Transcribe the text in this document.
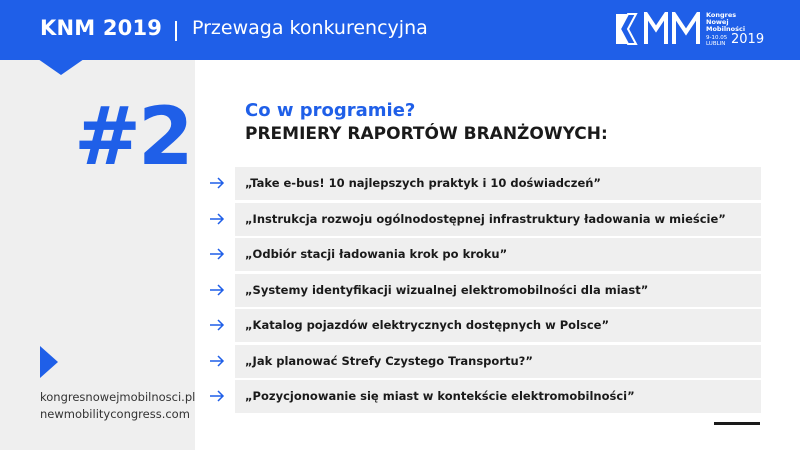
KNM 2019 Przewaga konkurencyjna
Kongres
Nowej
Mobilności
9-10.05
LUBLIN 2019
#2
kongresnowejmobilnosci.pl
newmobilitycongress.com
Co w programie?
PREMIERY RAPORTÓW BRANŻOWYCH:
„Take e-bus! 10 najlepszych praktyk i 10 doświadczeń”
„Instrukcja rozwoju ogólnodostępnej infrastruktury ładowania w mieście”
„Odbiór stacji ładowania krok po kroku”
„Systemy identyfikacji wizualnej elektromobilności dla miast”
„Katalog pojazdów elektrycznych dostępnych w Polsce”
„Jak planować Strefy Czystego Transportu?”
„Pozycjonowanie się miast w kontekście elektromobilności”
